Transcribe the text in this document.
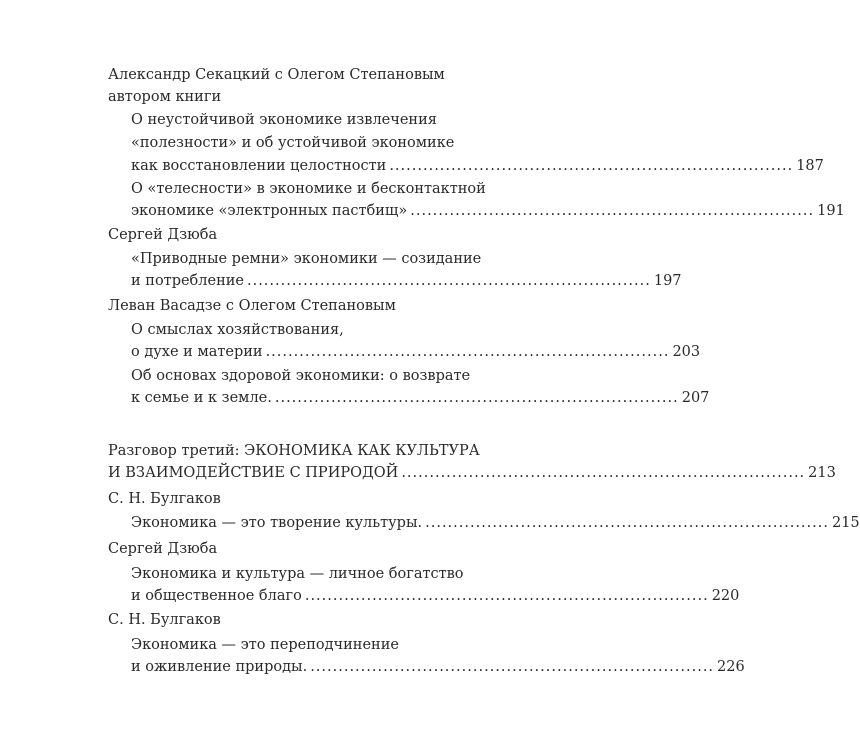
Александр Секацкий с Олегом Степановым
автором книги
О неустойчивой экономике извлечения
«полезности» и об устойчивой экономике
как восстановлении целостности ........................................................................ 187
О «телесности» в экономике и бесконтактной
экономике «электронных пастбищ» ........................................................................ 191
Сергей Дзюба
«Приводные ремни» экономики — созидание
и потребление ........................................................................ 197
Леван Васадзе с Олегом Степановым
О смыслах хозяйствования,
о духе и материи ........................................................................ 203
Об основах здоровой экономики: о возврате
к семье и к земле. ........................................................................ 207
Разговор третий: ЭКОНОМИКА КАК КУЛЬТУРА
И ВЗАИМОДЕЙСТВИЕ С ПРИРОДОЙ ........................................................................ 213
С. Н. Булгаков
Экономика — это творение культуры. ........................................................................ 215
Сергей Дзюба
Экономика и культура — личное богатство
и общественное благо ........................................................................ 220
С. Н. Булгаков
Экономика — это переподчинение
и оживление природы. ........................................................................ 226
